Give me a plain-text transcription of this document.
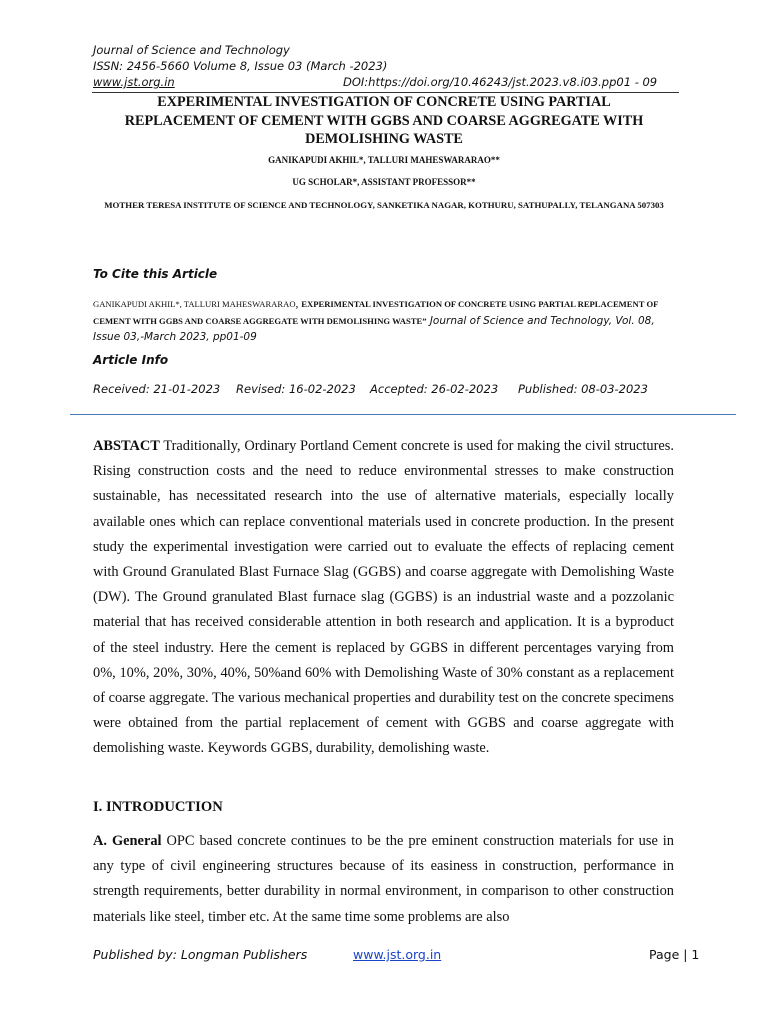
Journal of Science and Technology
ISSN: 2456-5660 Volume 8, Issue 03 (March -2023)
www.jst.org.in	DOI:https://doi.org/10.46243/jst.2023.v8.i03.pp01 - 09
EXPERIMENTAL INVESTIGATION OF CONCRETE USING PARTIAL
REPLACEMENT OF CEMENT WITH GGBS AND COARSE AGGREGATE WITH
DEMOLISHING WASTE
GANIKAPUDI AKHIL*, TALLURI MAHESWARARAO**
UG SCHOLAR*, ASSISTANT PROFESSOR**
MOTHER TERESA INSTITUTE OF SCIENCE AND TECHNOLOGY, SANKETIKA NAGAR, KOTHURU, SATHUPALLY, TELANGANA 507303
To Cite this Article
GANIKAPUDI AKHIL*, TALLURI MAHESWARARAO, EXPERIMENTAL INVESTIGATION OF CONCRETE USING PARTIAL REPLACEMENT OF CEMENT WITH GGBS AND COARSE AGGREGATE WITH DEMOLISHING WASTE” Journal of Science and Technology, Vol. 08, Issue 03,-March 2023, pp01-09
Article Info
Received: 21-01-2023 Revised: 16-02-2023 Accepted: 26-02-2023 Published: 08-03-2023
ABSTACT Traditionally, Ordinary Portland Cement concrete is used for making the civil structures. Rising construction costs and the need to reduce environmental stresses to make construction sustainable, has necessitated research into the use of alternative materials, especially locally available ones which can replace conventional materials used in concrete production. In the present study the experimental investigation were carried out to evaluate the effects of replacing cement with Ground Granulated Blast Furnace Slag (GGBS) and coarse aggregate with Demolishing Waste (DW). The Ground granulated Blast furnace slag (GGBS) is an industrial waste and a pozzolanic material that has received considerable attention in both research and application. It is a byproduct of the steel industry. Here the cement is replaced by GGBS in different percentages varying from 0%, 10%, 20%, 30%, 40%, 50%and 60% with Demolishing Waste of 30% constant as a replacement of coarse aggregate. The various mechanical properties and durability test on the concrete specimens were obtained from the partial replacement of cement with GGBS and coarse aggregate with demolishing waste. Keywords GGBS, durability, demolishing waste.
I. INTRODUCTION
A. General OPC based concrete continues to be the pre eminent construction materials for use in any type of civil engineering structures because of its easiness in construction, performance in strength requirements, better durability in normal environment, in comparison to other construction materials like steel, timber etc. At the same time some problems are also
Published by: Longman Publishers	www.jst.org.in	Page | 1
